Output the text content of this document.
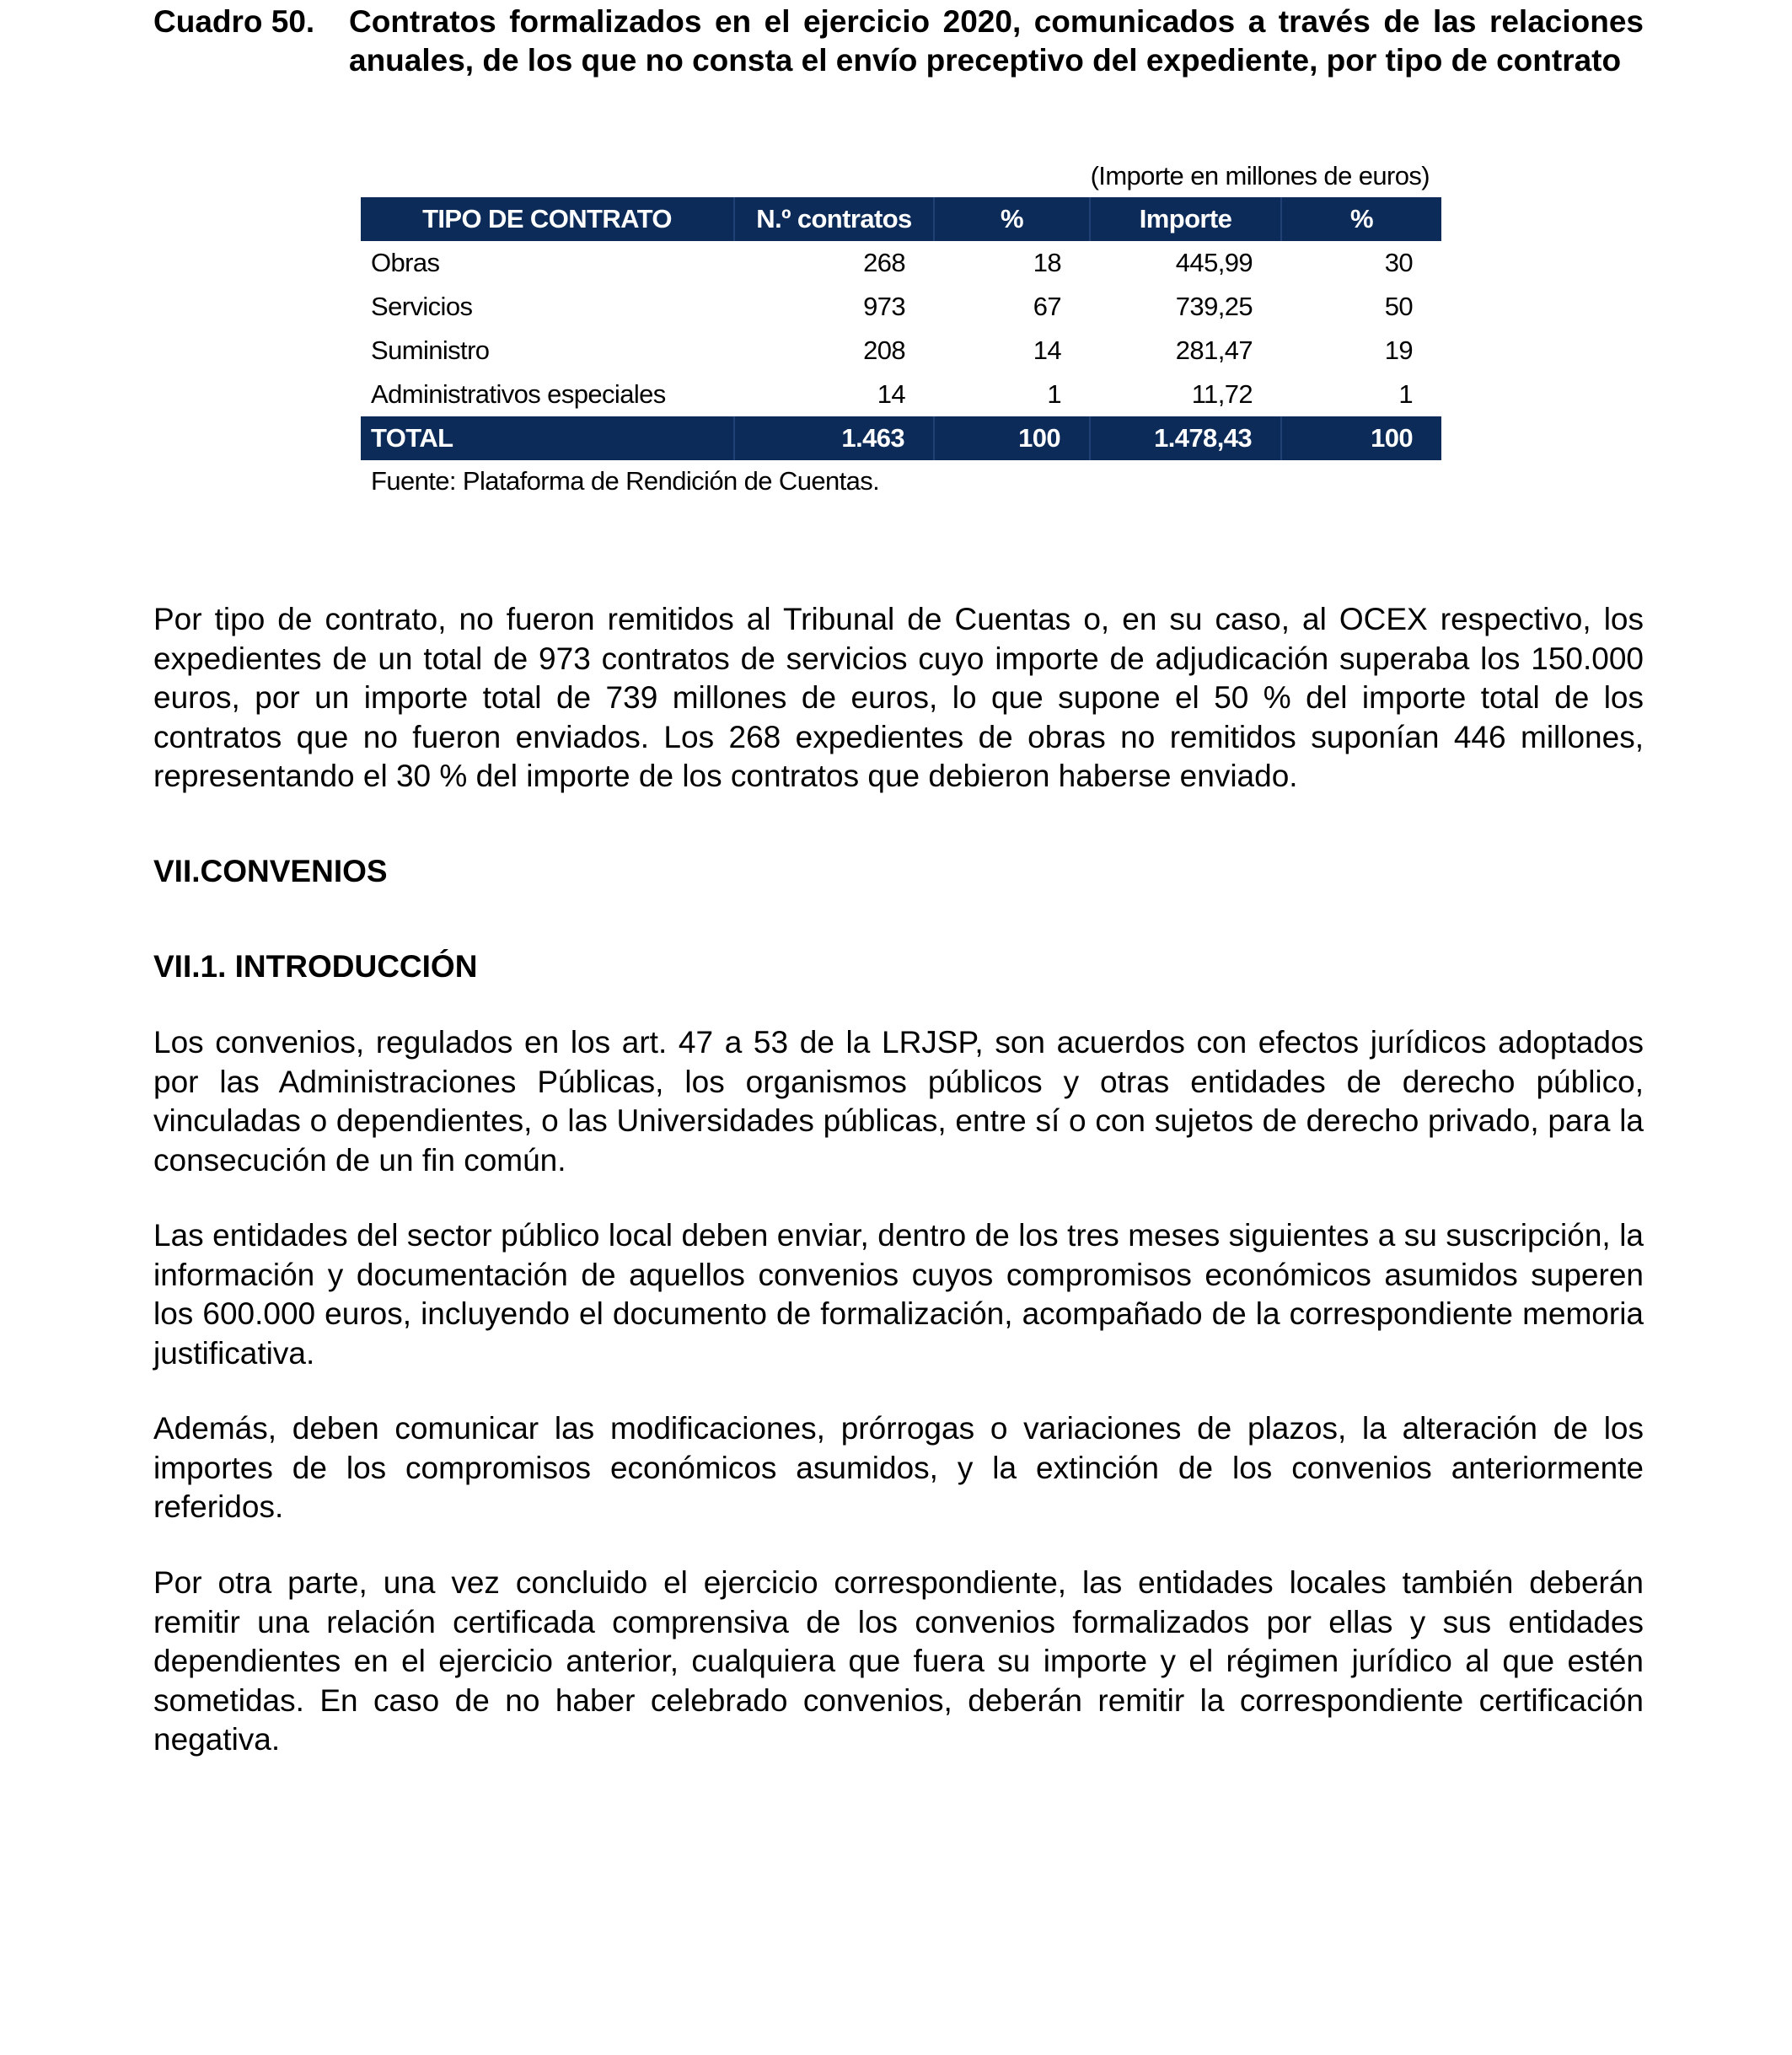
Cuadro 50.	Contratos formalizados en el ejercicio 2020, comunicados a través de las relaciones anuales, de los que no consta el envío preceptivo del expediente, por tipo de contrato
(Importe en millones de euros)
TIPO DE CONTRATO	N.º contratos	%	Importe	%
Obras	268	18	445,99	30
Servicios	973	67	739,25	50
Suministro	208	14	281,47	19
Administrativos especiales	14	1	11,72	1
TOTAL	1.463	100	1.478,43	100
Fuente: Plataforma de Rendición de Cuentas.

Por tipo de contrato, no fueron remitidos al Tribunal de Cuentas o, en su caso, al OCEX respectivo, los expedientes de un total de 973 contratos de servicios cuyo importe de adjudicación superaba los 150.000 euros, por un importe total de 739 millones de euros, lo que supone el 50 % del importe total de los contratos que no fueron enviados. Los 268 expedientes de obras no remitidos suponían 446 millones, representando el 30 % del importe de los contratos que debieron haberse enviado.

VII.CONVENIOS
VII.1. INTRODUCCIÓN

Los convenios, regulados en los art. 47 a 53 de la LRJSP, son acuerdos con efectos jurídicos adoptados por las Administraciones Públicas, los organismos públicos y otras entidades de derecho público, vinculadas o dependientes, o las Universidades públicas, entre sí o con sujetos de derecho privado, para la consecución de un fin común.

Las entidades del sector público local deben enviar, dentro de los tres meses siguientes a su suscripción, la información y documentación de aquellos convenios cuyos compromisos económicos asumidos superen los 600.000 euros, incluyendo el documento de formalización, acompañado de la correspondiente memoria justificativa.

Además, deben comunicar las modificaciones, prórrogas o variaciones de plazos, la alteración de los importes de los compromisos económicos asumidos, y la extinción de los convenios anteriormente referidos.

Por otra parte, una vez concluido el ejercicio correspondiente, las entidades locales también deberán remitir una relación certificada comprensiva de los convenios formalizados por ellas y sus entidades dependientes en el ejercicio anterior, cualquiera que fuera su importe y el régimen jurídico al que estén sometidas. En caso de no haber celebrado convenios, deberán remitir la correspondiente certificación negativa.
